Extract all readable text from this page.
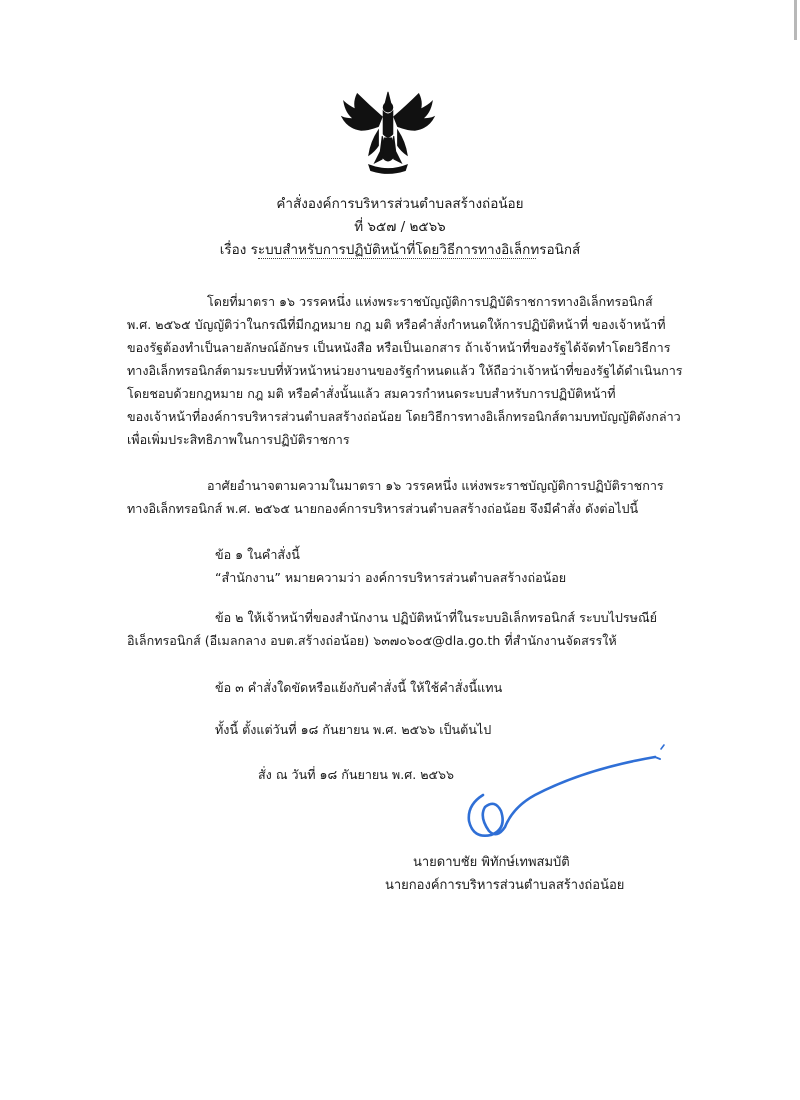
คำสั่งองค์การบริหารส่วนตำบลสร้างถ่อน้อย
ที่ ๖๕๗ / ๒๕๖๖
เรื่อง ระบบสำหรับการปฏิบัติหน้าที่โดยวิธีการทางอิเล็กทรอนิกส์
โดยที่มาตรา ๑๖ วรรคหนึ่ง แห่งพระราชบัญญัติการปฏิบัติราชการทางอิเล็กทรอนิกส์
พ.ศ. ๒๕๖๕ บัญญัติว่าในกรณีที่มีกฎหมาย กฎ มติ หรือคำสั่งกำหนดให้การปฏิบัติหน้าที่ ของเจ้าหน้าที่
ของรัฐต้องทำเป็นลายลักษณ์อักษร เป็นหนังสือ หรือเป็นเอกสาร ถ้าเจ้าหน้าที่ของรัฐได้จัดทำโดยวิธีการ
ทางอิเล็กทรอนิกส์ตามระบบที่หัวหน้าหน่วยงานของรัฐกำหนดแล้ว ให้ถือว่าเจ้าหน้าที่ของรัฐได้ดำเนินการ
โดยชอบด้วยกฎหมาย กฎ มติ หรือคำสั่งนั้นแล้ว สมควรกำหนดระบบสำหรับการปฏิบัติหน้าที่
ของเจ้าหน้าที่องค์การบริหารส่วนตำบลสร้างถ่อน้อย โดยวิธีการทางอิเล็กทรอนิกส์ตามบทบัญญัติดังกล่าว
เพื่อเพิ่มประสิทธิภาพในการปฏิบัติราชการ
อาศัยอำนาจตามความในมาตรา ๑๖ วรรคหนึ่ง แห่งพระราชบัญญัติการปฏิบัติราชการ
ทางอิเล็กทรอนิกส์ พ.ศ. ๒๕๖๕ นายกองค์การบริหารส่วนตำบลสร้างถ่อน้อย จึงมีคำสั่ง ดังต่อไปนี้
ข้อ ๑ ในคำสั่งนี้
“สำนักงาน” หมายความว่า องค์การบริหารส่วนตำบลสร้างถ่อน้อย
ข้อ ๒ ให้เจ้าหน้าที่ของสำนักงาน ปฏิบัติหน้าที่ในระบบอิเล็กทรอนิกส์ ระบบไปรษณีย์
อิเล็กทรอนิกส์ (อีเมลกลาง อบต.สร้างถ่อน้อย) ๖๓๗๐๖๐๕@dla.go.th ที่สำนักงานจัดสรรให้
ข้อ ๓ คำสั่งใดขัดหรือแย้งกับคำสั่งนี้ ให้ใช้คำสั่งนี้แทน
ทั้งนี้ ตั้งแต่วันที่ ๑๘ กันยายน พ.ศ. ๒๕๖๖ เป็นต้นไป
สั่ง ณ วันที่ ๑๘ กันยายน พ.ศ. ๒๕๖๖
นายดาบชัย พิทักษ์เทพสมบัติ
นายกองค์การบริหารส่วนตำบลสร้างถ่อน้อย
